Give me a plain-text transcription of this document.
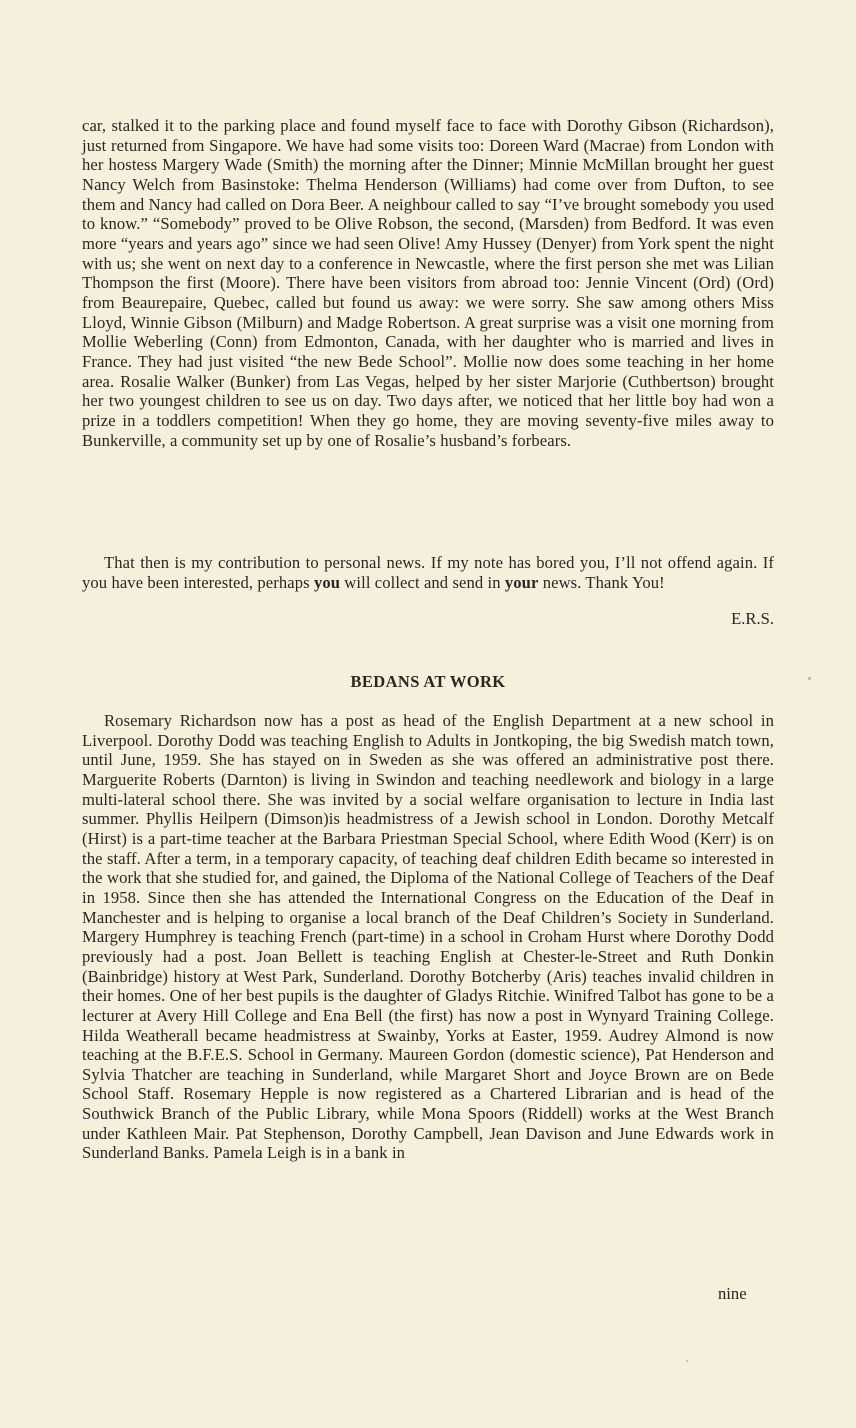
car, stalked it to the parking place and found myself face to face with Dorothy Gibson (Richardson), just returned from Singapore. We have had some visits too: Doreen Ward (Macrae) from London with her hostess Margery Wade (Smith) the morning after the Dinner; Minnie McMillan brought her guest Nancy Welch from Basinstoke: Thelma Henderson (Williams) had come over from Dufton, to see them and Nancy had called on Dora Beer. A neighbour called to say “I’ve brought somebody you used to know.” “Somebody” proved to be Olive Robson, the second, (Marsden) from Bedford. It was even more “years and years ago” since we had seen Olive! Amy Hussey (Denyer) from York spent the night with us; she went on next day to a conference in Newcastle, where the first person she met was Lilian Thompson the first (Moore). There have been visitors from abroad too: Jennie Vincent (Ord) (Ord) from Beaurepaire, Quebec, called but found us away: we were sorry. She saw among others Miss Lloyd, Winnie Gibson (Milburn) and Madge Robertson. A great surprise was a visit one morning from Mollie Weberling (Conn) from Edmonton, Canada, with her daughter who is married and lives in France. They had just visited “the new Bede School”. Mollie now does some teaching in her home area. Rosalie Walker (Bunker) from Las Vegas, helped by her sister Marjorie (Cuthbertson) brought her two youngest children to see us on day. Two days after, we noticed that her little boy had won a prize in a toddlers competition! When they go home, they are moving seventy-five miles away to Bunkerville, a community set up by one of Rosalie’s husband’s forbears.

That then is my contribution to personal news. If my note has bored you, I’ll not offend again. If you have been interested, perhaps you will collect and send in your news. Thank You!

E.R.S.
BEDANS AT WORK

Rosemary Richardson now has a post as head of the English Department at a new school in Liverpool. Dorothy Dodd was teaching English to Adults in Jontkoping, the big Swedish match town, until June, 1959. She has stayed on in Sweden as she was offered an administrative post there. Marguerite Roberts (Darnton) is living in Swindon and teaching needlework and biology in a large multi-lateral school there. She was invited by a social welfare organisation to lecture in India last summer. Phyllis Heilpern (Dimson)is headmistress of a Jewish school in London. Dorothy Metcalf (Hirst) is a part-time teacher at the Barbara Priestman Special School, where Edith Wood (Kerr) is on the staff. After a term, in a temporary capacity, of teaching deaf children Edith became so interested in the work that she studied for, and gained, the Diploma of the National College of Teachers of the Deaf in 1958. Since then she has attended the International Congress on the Education of the Deaf in Manchester and is helping to organise a local branch of the Deaf Children’s Society in Sunderland. Margery Humphrey is teaching French (part-time) in a school in Croham Hurst where Dorothy Dodd previously had a post. Joan Bellett is teaching English at Chester-le-Street and Ruth Donkin (Bainbridge) history at West Park, Sunderland. Dorothy Botcherby (Aris) teaches invalid children in their homes. One of her best pupils is the daughter of Gladys Ritchie. Winifred Talbot has gone to be a lecturer at Avery Hill College and Ena Bell (the first) has now a post in Wynyard Training College. Hilda Weatherall became headmistress at Swainby, Yorks at Easter, 1959. Audrey Almond is now teaching at the B.F.E.S. School in Germany. Maureen Gordon (domestic science), Pat Henderson and Sylvia Thatcher are teaching in Sunderland, while Margaret Short and Joyce Brown are on Bede School Staff. Rosemary Hepple is now registered as a Chartered Librarian and is head of the Southwick Branch of the Public Library, while Mona Spoors (Riddell) works at the West Branch under Kathleen Mair. Pat Stephenson, Dorothy Campbell, Jean Davison and June Edwards work in Sunderland Banks. Pamela Leigh is in a bank in

nine
